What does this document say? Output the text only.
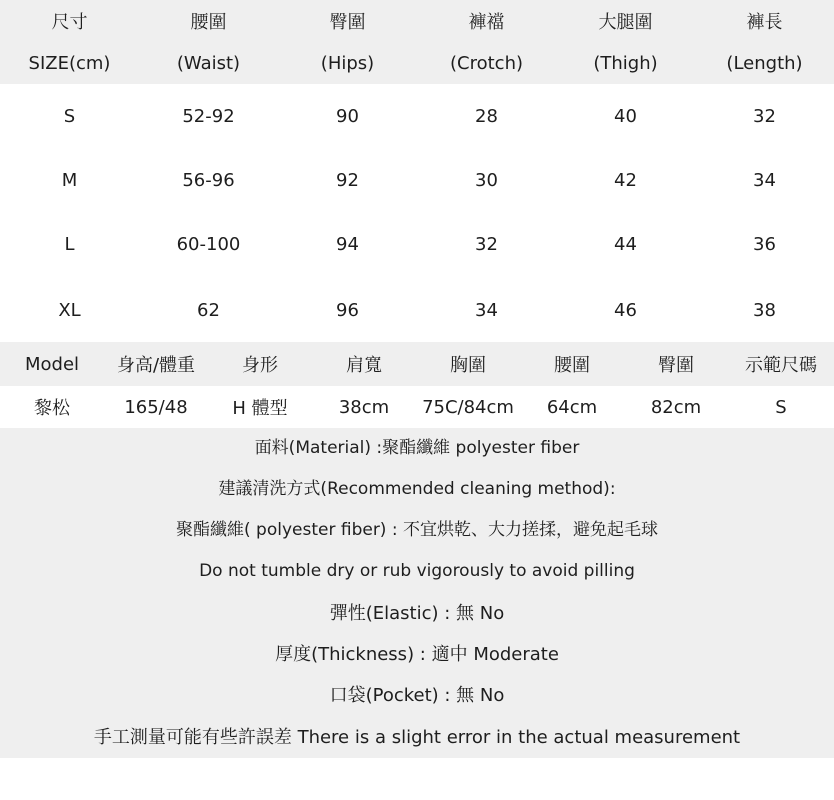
尺寸	腰圍	臀圍	褲襠	大腿圍	褲長
SIZE(cm)	(Waist)	(Hips)	(Crotch)	(Thigh)	(Length)
S	52-92	90	28	40	32
M	56-96	92	30	42	34
L	60-100	94	32	44	36
XL	62	96	34	46	38
Model	身高/體重	身形	肩寬	胸圍	腰圍	臀圍	示範尺碼
黎松	165/48	H 體型	38cm	75C/84cm	64cm	82cm	S
面料(Material) :聚酯纖維 polyester fiber
建議清洗方式(Recommended cleaning method):
聚酯纖維( polyester fiber) : 不宜烘乾、大力搓揉，避免起毛球
Do not tumble dry or rub vigorously to avoid pilling
彈性(Elastic) : 無 No
厚度(Thickness) : 適中 Moderate
口袋(Pocket) : 無 No
手工測量可能有些許誤差 There is a slight error in the actual measurement
